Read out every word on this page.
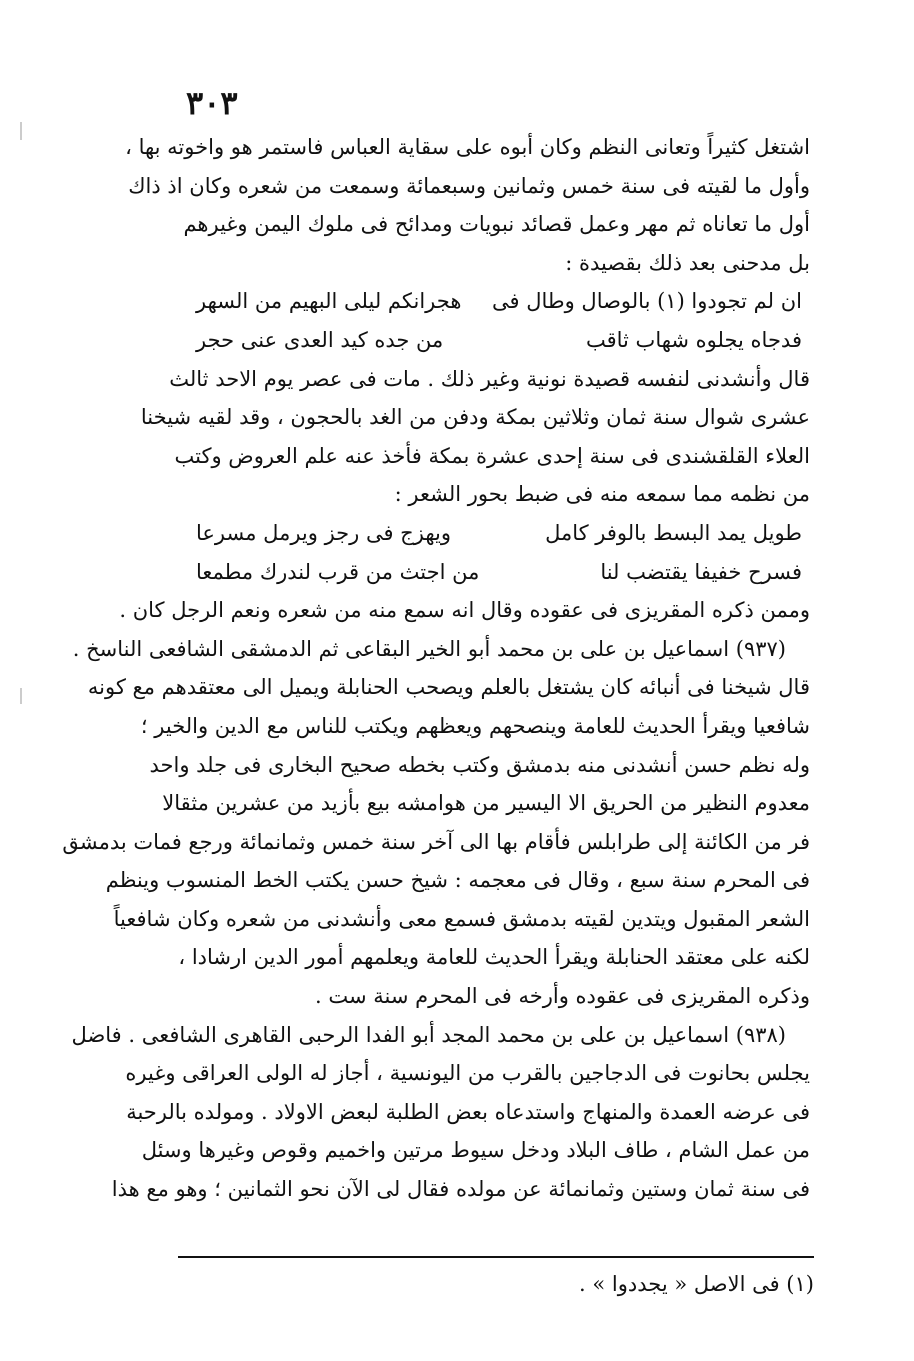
٣٠٣
اشتغل كثيراً وتعانى النظم وكان أبوه على سقاية العباس فاستمر هو واخوته بها ،
وأول ما لقيته فى سنة خمس وثمانين وسبعمائة وسمعت من شعره وكان اذ ذاك
أول ما تعاناه ثم مهر وعمل قصائد نبويات ومدائح فى ملوك اليمن وغيرهم
بل مدحنى بعد ذلك بقصيدة :
ان لم تجودوا (١) بالوصال وطال فى
هجرانكم ليلى البهيم من السهر
فدجاه يجلوه شهاب ثاقب
من جده كيد العدى عنى حجر
قال وأنشدنى لنفسه قصيدة نونية وغير ذلك . مات فى عصر يوم الاحد ثالث
عشرى شوال سنة ثمان وثلاثين بمكة ودفن من الغد بالحجون ، وقد لقيه شيخنا
العلاء القلقشندى فى سنة إحدى عشرة بمكة فأخذ عنه علم العروض وكتب
من نظمه مما سمعه منه فى ضبط بحور الشعر :
طويل يمد البسط بالوفر كامل
ويهزج فى رجز ويرمل مسرعا
فسرح خفيفا يقتضب لنا
من اجتث من قرب لندرك مطمعا
وممن ذكره المقريزى فى عقوده وقال انه سمع منه من شعره ونعم الرجل كان .
(٩٣٧) اسماعيل بن على بن محمد أبو الخير البقاعى ثم الدمشقى الشافعى الناسخ .
قال شيخنا فى أنبائه كان يشتغل بالعلم ويصحب الحنابلة ويميل الى معتقدهم مع كونه
شافعيا ويقرأ الحديث للعامة وينصحهم ويعظهم ويكتب للناس مع الدين والخير ؛
وله نظم حسن أنشدنى منه بدمشق وكتب بخطه صحيح البخارى فى جلد واحد
معدوم النظير من الحريق الا اليسير من هوامشه بيع بأزيد من عشرين مثقالا
فر من الكائنة إلى طرابلس فأقام بها الى آخر سنة خمس وثمانمائة ورجع فمات بدمشق
فى المحرم سنة سبع ، وقال فى معجمه : شيخ حسن يكتب الخط المنسوب وينظم
الشعر المقبول ويتدين لقيته بدمشق فسمع معى وأنشدنى من شعره وكان شافعياً
لكنه على معتقد الحنابلة ويقرأ الحديث للعامة ويعلمهم أمور الدين ارشادا ،
وذكره المقريزى فى عقوده وأرخه فى المحرم سنة ست .
(٩٣٨) اسماعيل بن على بن محمد المجد أبو الفدا الرحبى القاهرى الشافعى . فاضل
يجلس بحانوت فى الدجاجين بالقرب من اليونسية ، أجاز له الولى العراقى وغيره
فى عرضه العمدة والمنهاج واستدعاه بعض الطلبة لبعض الاولاد . ومولده بالرحبة
من عمل الشام ، طاف البلاد ودخل سيوط مرتين واخميم وقوص وغيرها وسئل
فى سنة ثمان وستين وثمانمائة عن مولده فقال لى الآن نحو الثمانين ؛ وهو مع هذا
(١) فى الاصل « يجددوا » .
